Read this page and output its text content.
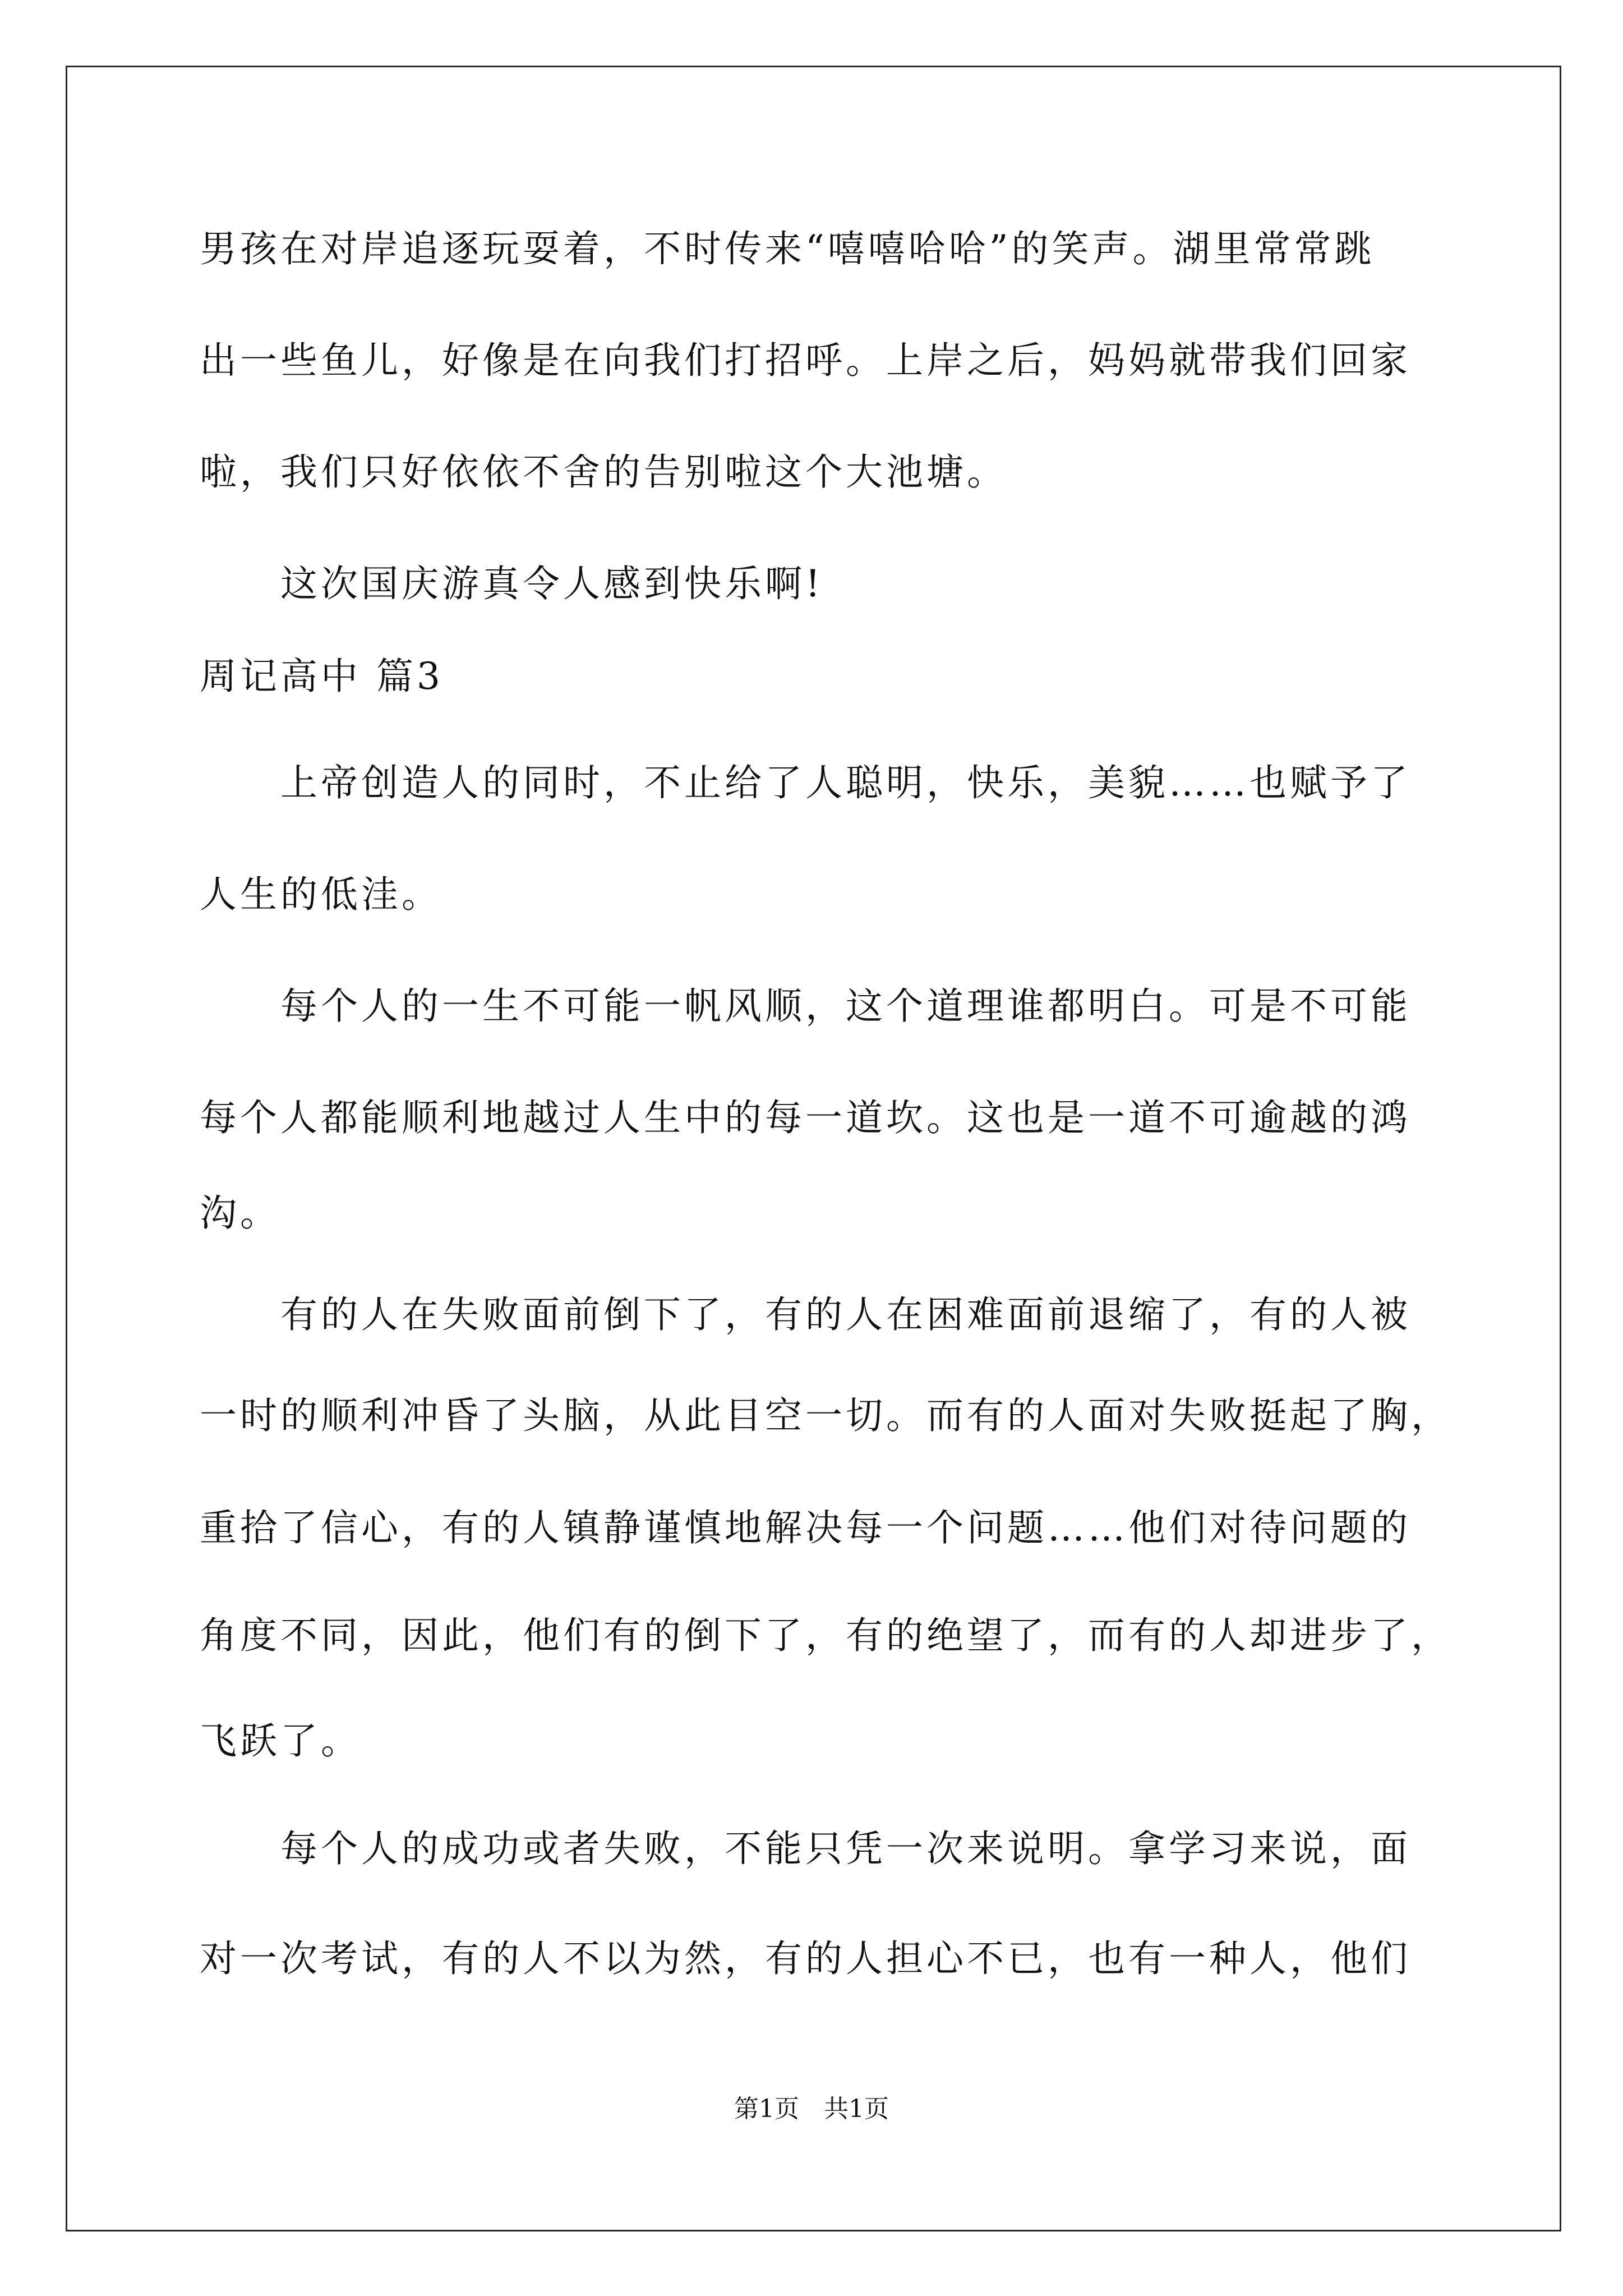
男孩在对岸追逐玩耍着，不时传来“嘻嘻哈哈”的笑声。湖里常常跳
出一些鱼儿，好像是在向我们打招呼。上岸之后，妈妈就带我们回家
啦，我们只好依依不舍的告别啦这个大池塘。
　　这次国庆游真令人感到快乐啊!
周记高中 篇3
　　上帝创造人的同时，不止给了人聪明，快乐，美貌……也赋予了
人生的低洼。
　　每个人的一生不可能一帆风顺，这个道理谁都明白。可是不可能
每个人都能顺利地越过人生中的每一道坎。这也是一道不可逾越的鸿
沟。
　　有的人在失败面前倒下了，有的人在困难面前退缩了，有的人被
一时的顺利冲昏了头脑，从此目空一切。而有的人面对失败挺起了胸，
重拾了信心，有的人镇静谨慎地解决每一个问题……他们对待问题的
角度不同，因此，他们有的倒下了，有的绝望了，而有的人却进步了，
飞跃了。
　　每个人的成功或者失败，不能只凭一次来说明。拿学习来说，面
对一次考试，有的人不以为然，有的人担心不已，也有一种人，他们
第1页　共1页
